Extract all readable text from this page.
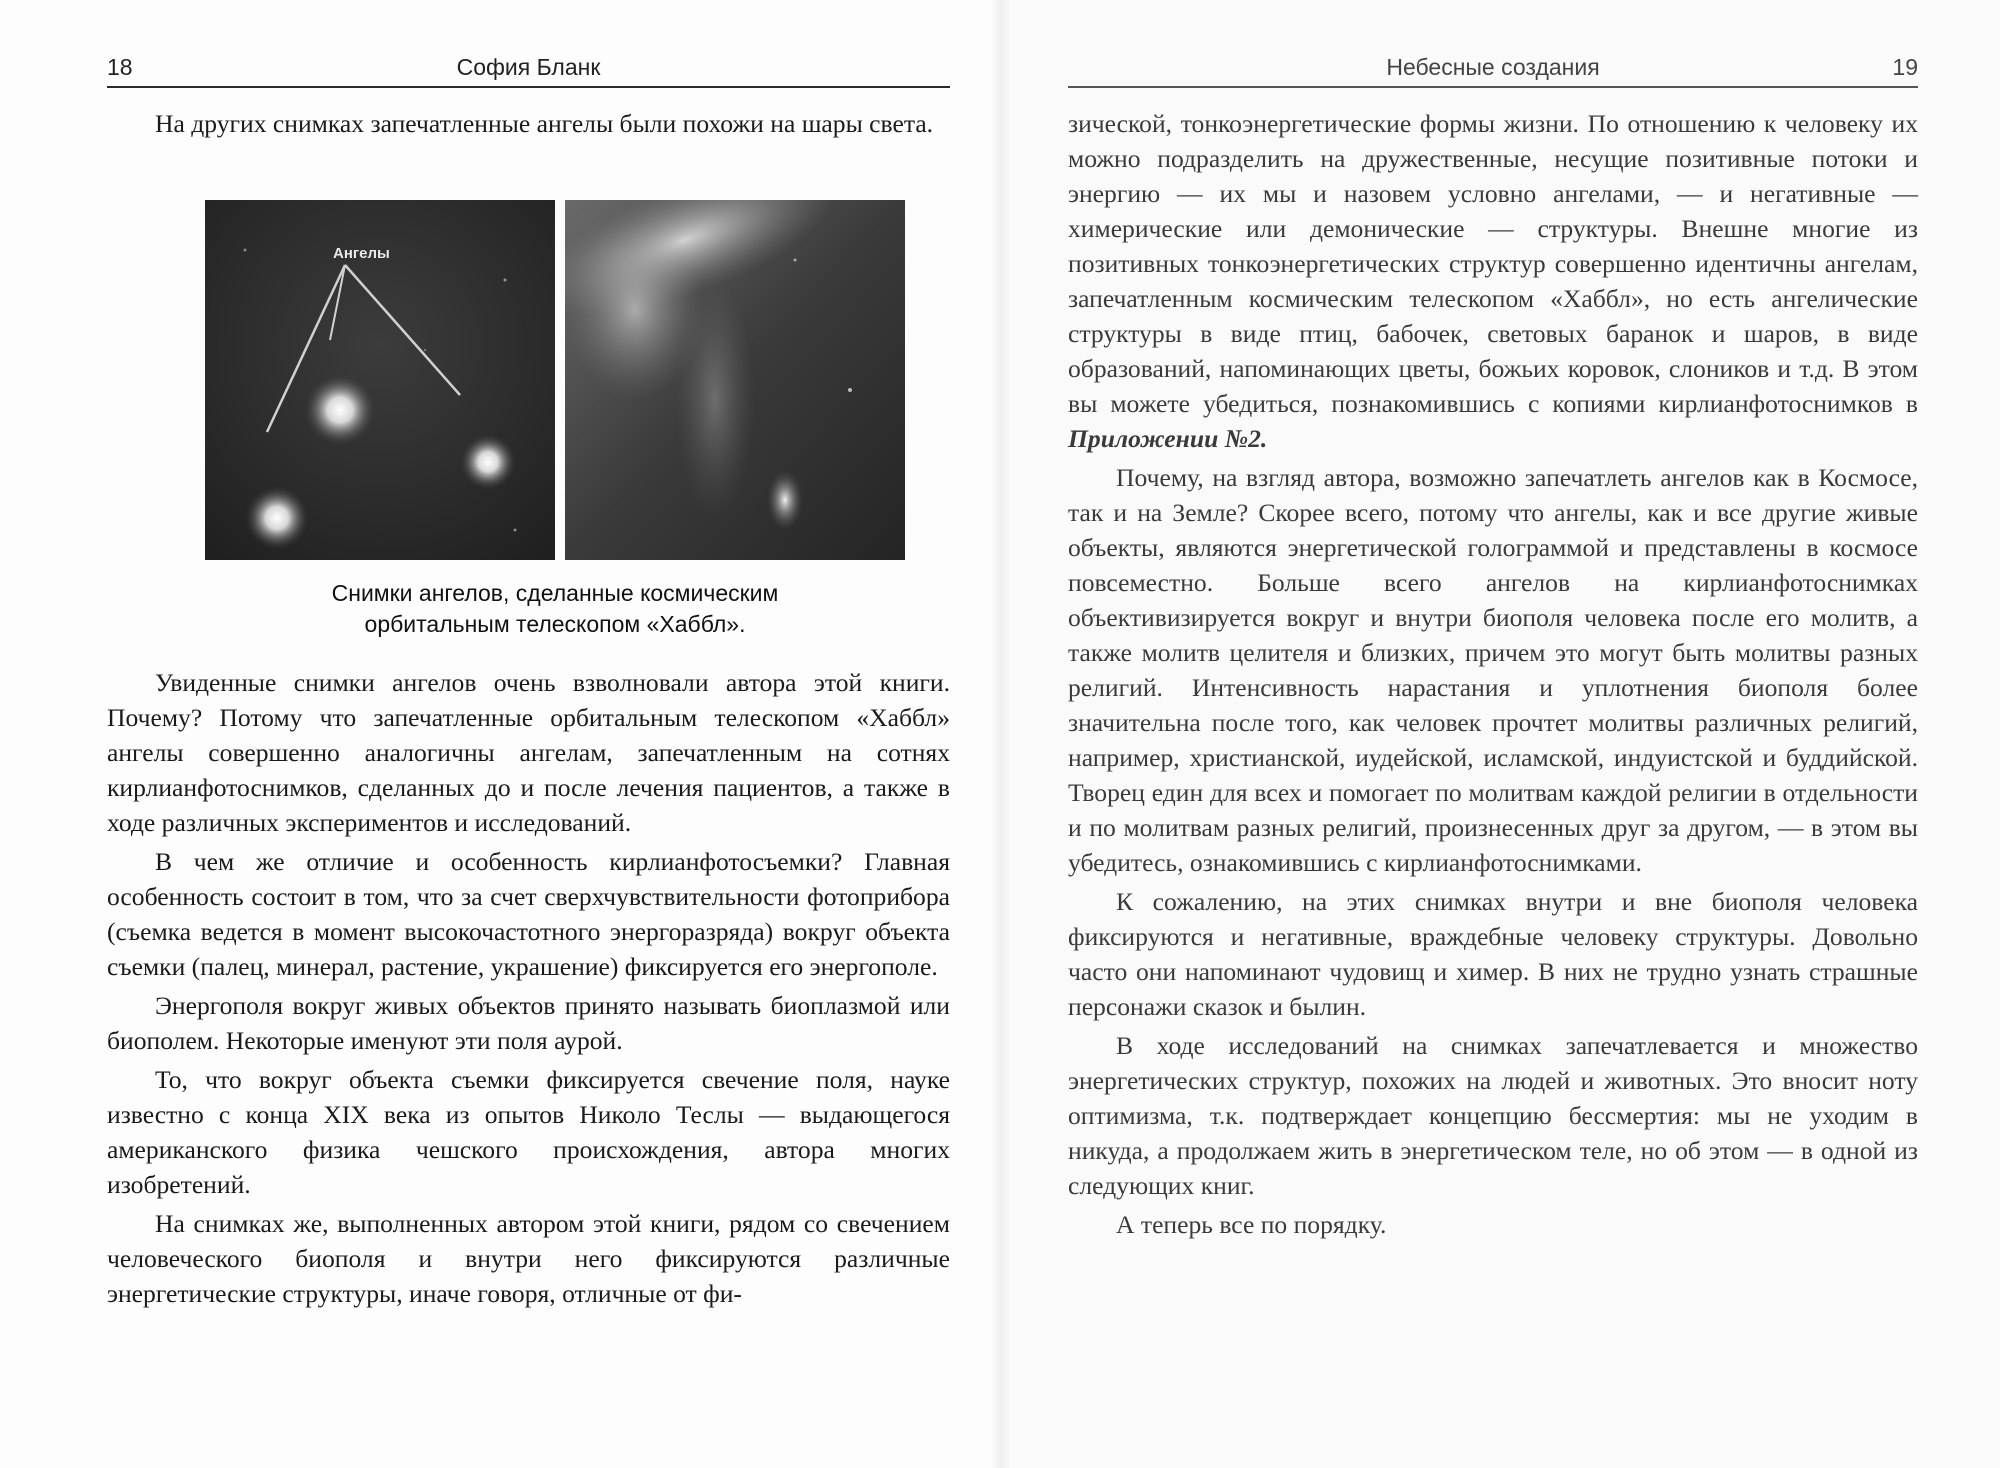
18	София Бланк	Небесные создания	19

На других снимках запечатленные ангелы были похожи на шары света.

Ангелы
Снимки ангелов, сделанные космическим
орбитальным телескопом «Хаббл».

Увиденные снимки ангелов очень взволновали автора этой книги. Почему? Потому что запечатленные орбитальным телескопом «Хаббл» ангелы совершенно аналогичны ангелам, запечатленным на сотнях кирлианфотоснимков, сделанных до и после лечения пациентов, а также в ходе различных экспериментов и исследований.

В чем же отличие и особенность кирлианфотосъемки? Главная особенность состоит в том, что за счет сверхчувствительности фотоприбора (съемка ведется в момент высокочастотного энергоразряда) вокруг объекта съемки (палец, минерал, растение, украшение) фиксируется его энергополе.

Энергополя вокруг живых объектов принято называть биоплазмой или биополем. Некоторые именуют эти поля аурой.

То, что вокруг объекта съемки фиксируется свечение поля, науке известно с конца XIX века из опытов Николо Теслы — выдающегося американского физика чешского происхождения, автора многих изобретений.

На снимках же, выполненных автором этой книги, рядом со свечением человеческого биополя и внутри него фиксируются различные энергетические структуры, иначе говоря, отличные от фи-

зической, тонкоэнергетические формы жизни. По отношению к человеку их можно подразделить на дружественные, несущие позитивные потоки и энергию — их мы и назовем условно ангелами, — и негативные — химерические или демонические — структуры. Внешне многие из позитивных тонкоэнергетических структур совершенно идентичны ангелам, запечатленным космическим телескопом «Хаббл», но есть ангелические структуры в виде птиц, бабочек, световых баранок и шаров, в виде образований, напоминающих цветы, божьих коровок, слоников и т.д. В этом вы можете убедиться, познакомившись с копиями кирлианфотоснимков в Приложении №2.

Почему, на взгляд автора, возможно запечатлеть ангелов как в Космосе, так и на Земле? Скорее всего, потому что ангелы, как и все другие живые объекты, являются энергетической голограммой и представлены в космосе повсеместно. Больше всего ангелов на кирлианфотоснимках объективизируется вокруг и внутри биополя человека после его молитв, а также молитв целителя и близких, причем это могут быть молитвы разных религий. Интенсивность нарастания и уплотнения биополя более значительна после того, как человек прочтет молитвы различных религий, например, христианской, иудейской, исламской, индуистской и буддийской. Творец един для всех и помогает по молитвам каждой религии в отдельности и по молитвам разных религий, произнесенных друг за другом, — в этом вы убедитесь, ознакомившись с кирлианфотоснимками.

К сожалению, на этих снимках внутри и вне биополя человека фиксируются и негативные, враждебные человеку структуры. Довольно часто они напоминают чудовищ и химер. В них не трудно узнать страшные персонажи сказок и былин.

В ходе исследований на снимках запечатлевается и множество энергетических структур, похожих на людей и животных. Это вносит ноту оптимизма, т.к. подтверждает концепцию бессмертия: мы не уходим в никуда, а продолжаем жить в энергетическом теле, но об этом — в одной из следующих книг.

А теперь все по порядку.
